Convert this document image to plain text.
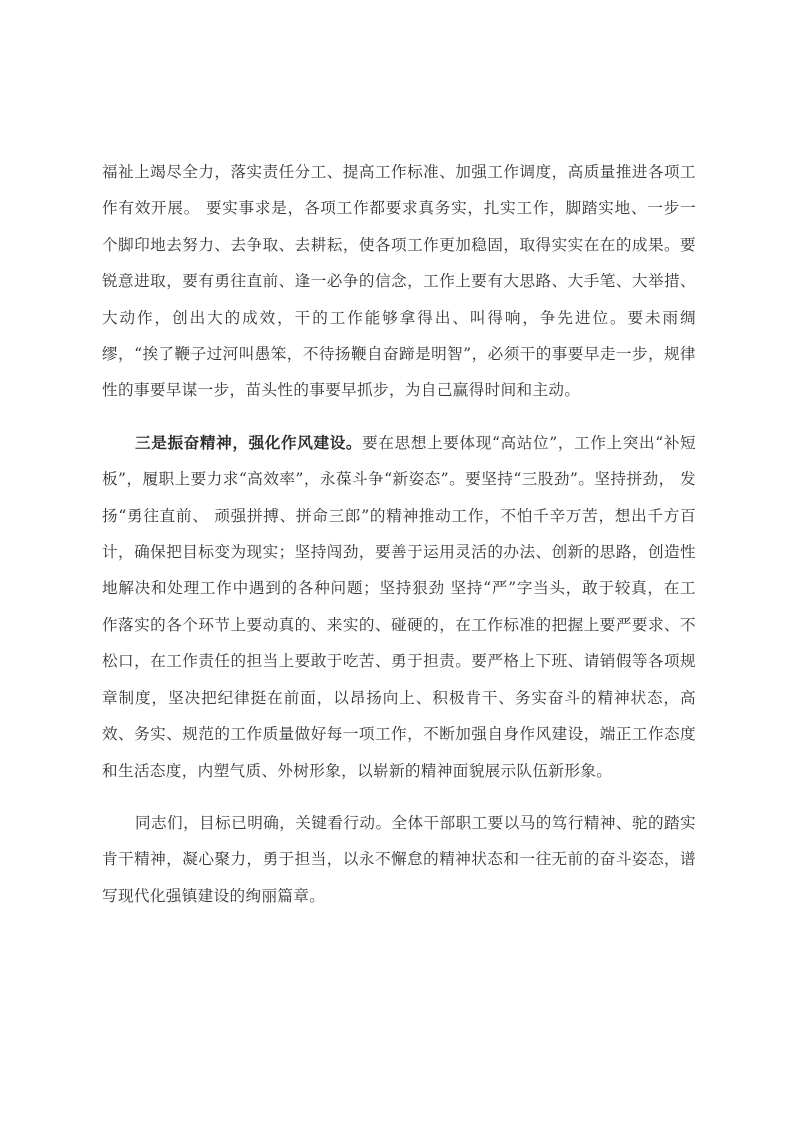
福祉上竭尽全力，落实责任分工、提高工作标准、加强工作调度，高质量推进各项工作有效开展。 要实事求是，各项工作都要求真务实，扎实工作，脚踏实地、一步一个脚印地去努力、去争取、去耕耘，使各项工作更加稳固，取得实实在在的成果。要锐意进取，要有勇往直前、逢一必争的信念，工作上要有大思路、大手笔、大举措、大动作，创出大的成效，干的工作能够拿得出、叫得响，争先进位。要未雨绸缪，“挨了鞭子过河叫愚笨，不待扬鞭自奋蹄是明智”，必须干的事要早走一步，规律性的事要早谋一步，苗头性的事要早抓步，为自己赢得时间和主动。

三是振奋精神，强化作风建设。要在思想上要体现“高站位”，工作上突出“补短板”，履职上要力求“高效率”，永葆斗争“新姿态”。要坚持“三股劲”。坚持拼劲， 发扬“勇往直前、 顽强拼搏、拼命三郎”的精神推动工作，不怕千辛万苦，想出千方百计，确保把目标变为现实；坚持闯劲，要善于运用灵活的办法、创新的思路，创造性地解决和处理工作中遇到的各种问题；坚持狠劲 坚持“严”字当头，敢于较真，在工作落实的各个环节上要动真的、来实的、碰硬的，在工作标准的把握上要严要求、不松口，在工作责任的担当上要敢于吃苦、勇于担责。要严格上下班、请销假等各项规章制度，坚决把纪律挺在前面，以昂扬向上、积极肯干、务实奋斗的精神状态，高效、务实、规范的工作质量做好每一项工作，不断加强自身作风建设，端正工作态度和生活态度，内塑气质、外树形象，以崭新的精神面貌展示队伍新形象。

同志们，目标已明确，关键看行动。全体干部职工要以马的笃行精神、驼的踏实肯干精神，凝心聚力，勇于担当，以永不懈怠的精神状态和一往无前的奋斗姿态，谱写现代化强镇建设的绚丽篇章。
